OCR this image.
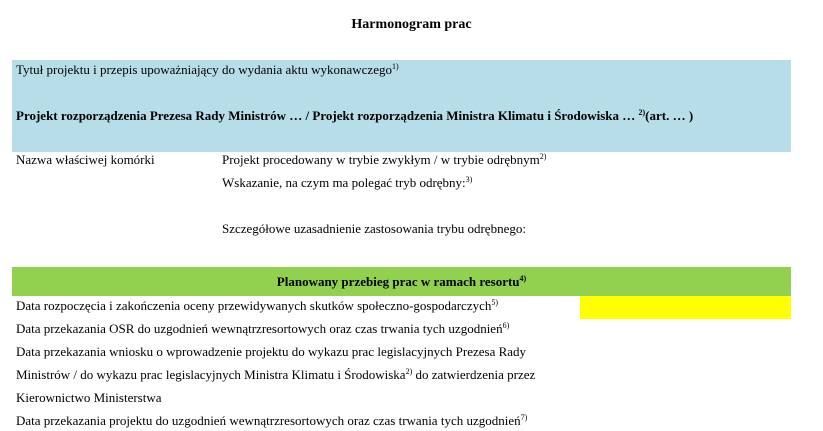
Harmonogram prac
Tytuł projektu i przepis upoważniający do wydania aktu wykonawczego$^{1)}$
Projekt rozporządzenia Prezesa Rady Ministrów … / Projekt rozporządzenia Ministra Klimatu i Środowiska … $^{2)}$(art. … )
Nazwa właściwej komórki	Projekt procedowany w trybie zwykłym / w trybie odrębnym$^{2)}$
Wskazanie, na czym ma polegać tryb odrębny:$^{3)}$
Szczegółowe uzasadnienie zastosowania trybu odrębnego:
Planowany przebieg prac w ramach resortu$^{4)}$
Data rozpoczęcia i zakończenia oceny przewidywanych skutków społeczno-gospodarczych$^{5)}$
Data przekazania OSR do uzgodnień wewnątrzresortowych oraz czas trwania tych uzgodnień$^{6)}$
Data przekazania wniosku o wprowadzenie projektu do wykazu prac legislacyjnych Prezesa Rady
Ministrów / do wykazu prac legislacyjnych Ministra Klimatu i Środowiska$^{2)}$ do zatwierdzenia przez
Kierownictwo Ministerstwa
Data przekazania projektu do uzgodnień wewnątrzresortowych oraz czas trwania tych uzgodnień$^{7)}$
